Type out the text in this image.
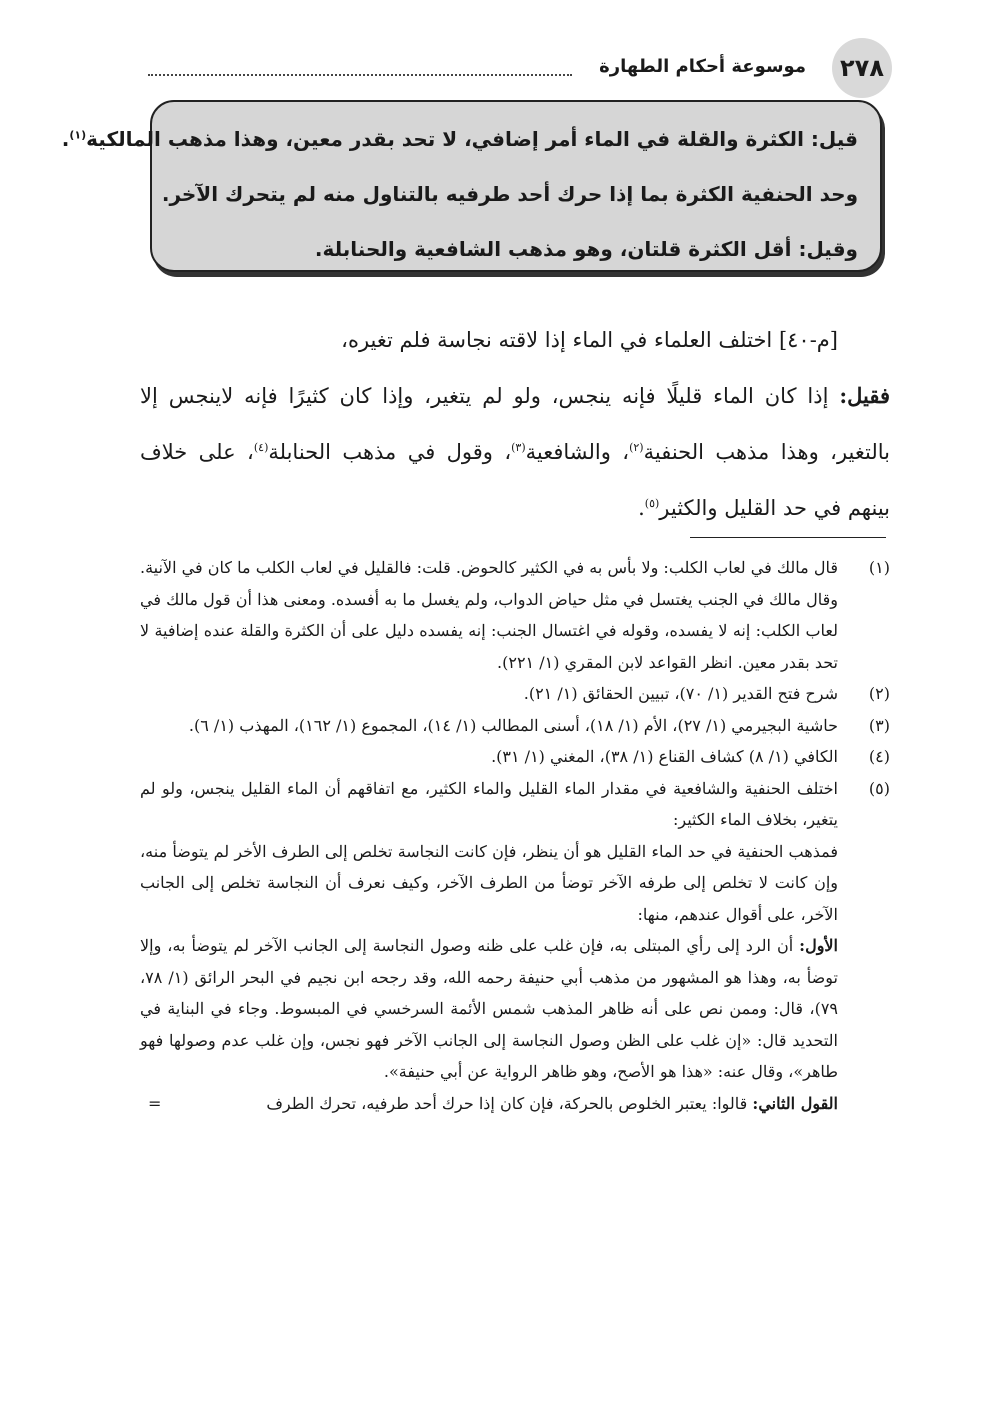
موسوعة أحكام الطهارة	٢٧٨

قيل: الكثرة والقلة في الماء أمر إضافي، لا تحد بقدر معين، وهذا مذهب المالكية$^{(١)}$.

وحد الحنفية الكثرة بما إذا حرك أحد طرفيه بالتناول منه لم يتحرك الآخر.

وقيل: أقل الكثرة قلتان، وهو مذهب الشافعية والحنابلة.

[م-٤٠] اختلف العلماء في الماء إذا لاقته نجاسة فلم تغيره،

فقيل: إذا كان الماء قليلًا فإنه ينجس، ولو لم يتغير، وإذا كان كثيرًا فإنه لاينجس إلا بالتغير، وهذا مذهب الحنفية$^{(٢)}$، والشافعية$^{(٣)}$، وقول في مذهب الحنابلة$^{(٤)}$، على خلاف بينهم في حد القليل والكثير$^{(٥)}$.

(١)

قال مالك في لعاب الكلب: ولا بأس به في الكثير كالحوض. قلت: فالقليل في لعاب الكلب ما كان في الآنية. وقال مالك في الجنب يغتسل في مثل حياض الدواب، ولم يغسل ما به أفسده. ومعنى هذا أن قول مالك في لعاب الكلب: إنه لا يفسده، وقوله في اغتسال الجنب: إنه يفسده دليل على أن الكثرة والقلة عنده إضافية لا تحد بقدر معين. انظر القواعد لابن المقري (١/ ٢٢١).

(٢)

شرح فتح القدير (١/ ٧٠)، تبيين الحقائق (١/ ٢١).

(٣)

حاشية البجيرمي (١/ ٢٧)، الأم (١/ ١٨)، أسنى المطالب (١/ ١٤)، المجموع (١/ ١٦٢)، المهذب (١/ ٦).

(٤)

الكافي (١/ ٨) كشاف القناع (١/ ٣٨)، المغني (١/ ٣١).

(٥)

اختلف الحنفية والشافعية في مقدار الماء القليل والماء الكثير، مع اتفاقهم أن الماء القليل ينجس، ولو لم يتغير، بخلاف الماء الكثير:

فمذهب الحنفية في حد الماء القليل هو أن ينظر، فإن كانت النجاسة تخلص إلى الطرف الأخر لم يتوضأ منه، وإن كانت لا تخلص إلى طرفه الآخر توضأ من الطرف الآخر، وكيف نعرف أن النجاسة تخلص إلى الجانب الآخر، على أقوال عندهم، منها:

الأول: أن الرد إلى رأي المبتلى به، فإن غلب على ظنه وصول النجاسة إلى الجانب الآخر لم يتوضأ به، وإلا توضأ به، وهذا هو المشهور من مذهب أبي حنيفة رحمه الله، وقد رجحه ابن نجيم في البحر الرائق (١/ ٧٨، ٧٩)، قال: وممن نص على أنه ظاهر المذهب شمس الأئمة السرخسي في المبسوط. وجاء في البناية في التحديد قال: «إن غلب على الظن وصول النجاسة إلى الجانب الآخر فهو نجس، وإن غلب عدم وصولها فهو طاهر»، وقال عنه: «هذا هو الأصح، وهو ظاهر الرواية عن أبي حنيفة».

القول الثاني: قالوا: يعتبر الخلوص بالحركة، فإن كان إذا حرك أحد طرفيه، تحرك الطرف
=
